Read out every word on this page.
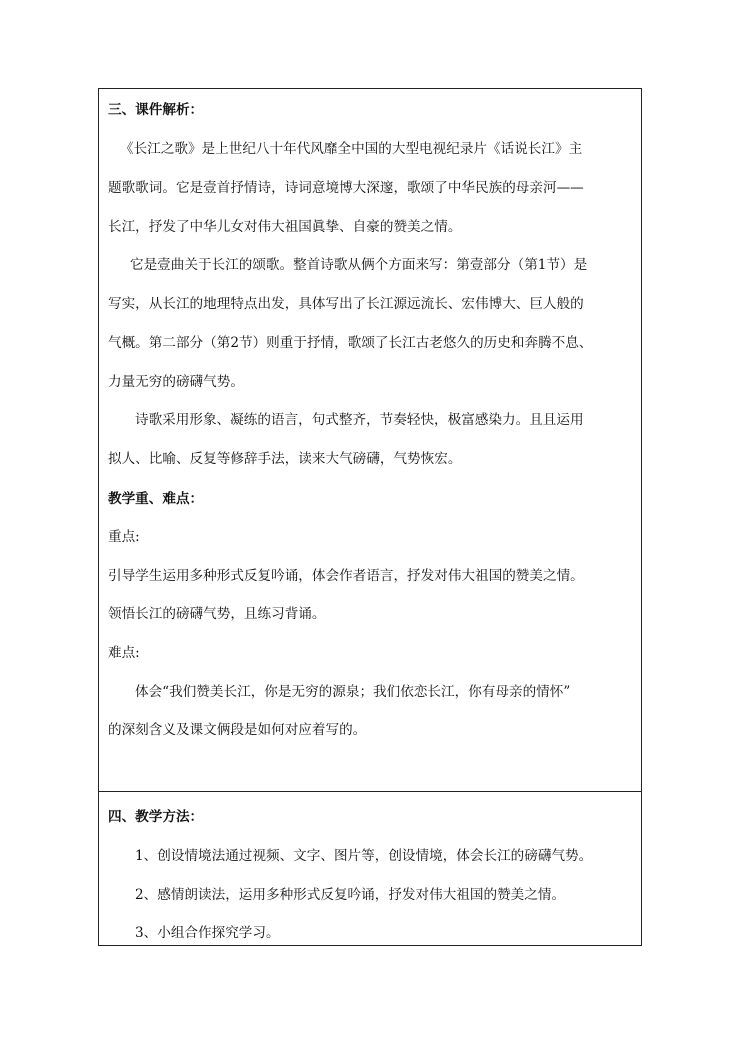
三、课件解析：
《长江之歌》是上世纪八十年代风靡全中国的大型电视纪录片《话说长江》主
题歌歌词。它是壹首抒情诗，诗词意境博大深邃，歌颂了中华民族的母亲河——
长江，抒发了中华儿女对伟大祖国眞挚、自豪的赞美之情。
它是壹曲关于长江的颂歌。整首诗歌从俩个方面来写：第壹部分（第1节）是
写实，从长江的地理特点出发，具体写出了长江源远流长、宏伟博大、巨人般的
气概。第二部分（第2节）则重于抒情，歌颂了长江古老悠久的历史和奔腾不息、
力量无穷的磅礴气势。
诗歌采用形象、凝练的语言，句式整齐，节奏轻快，极富感染力。且且运用
拟人、比喻、反复等修辞手法，读来大气磅礴，气势恢宏。
教学重、难点：
重点:
引导学生运用多种形式反复吟诵，体会作者语言，抒发对伟大祖国的赞美之情。
领悟长江的磅礴气势，且练习背诵。
难点:
体会“我们赞美长江，你是无穷的源泉；我们依恋长江，你有母亲的情怀”
的深刻含义及课文俩段是如何对应着写的。
四、教学方法：
1、创设情境法通过视频、文字、图片等，创设情境，体会长江的磅礴气势。
2、感情朗读法，运用多种形式反复吟诵，抒发对伟大祖国的赞美之情。
3、小组合作探究学习。
